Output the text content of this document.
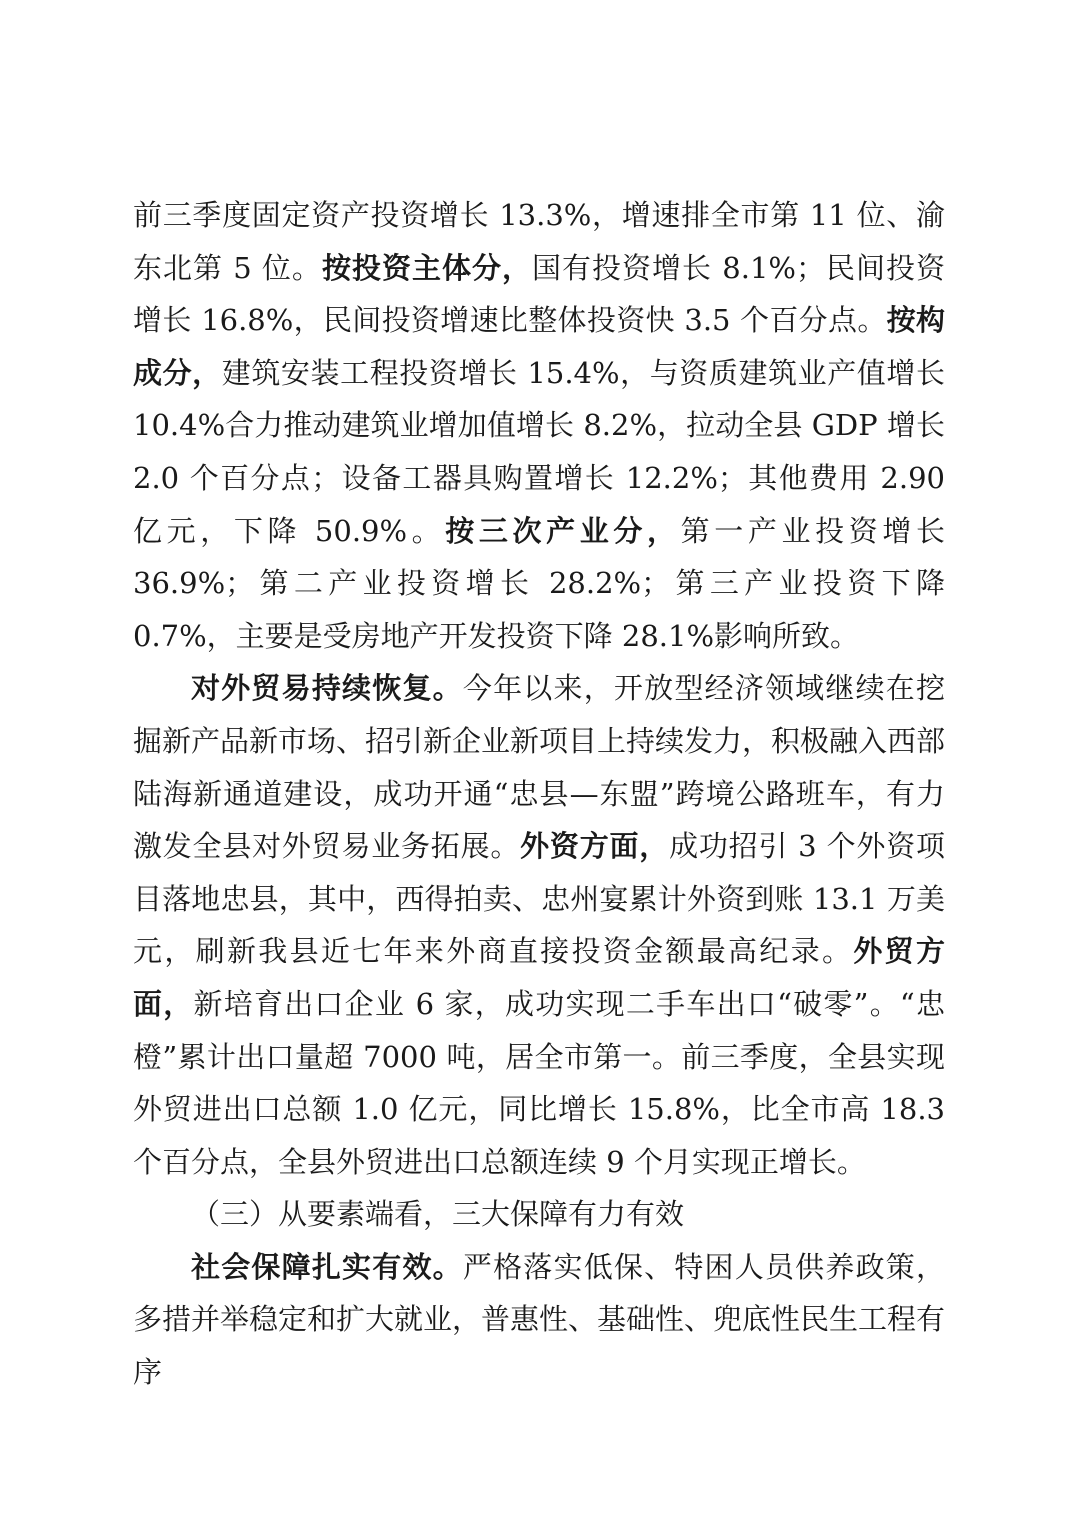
前三季度固定资产投资增长 13.3%，增速排全市第 11 位、渝东北第 5 位。按投资主体分，国有投资增长 8.1%；民间投资增长 16.8%，民间投资增速比整体投资快 3.5 个百分点。按构成分，建筑安装工程投资增长 15.4%，与资质建筑业产值增长 10.4%合力推动建筑业增加值增长 8.2%，拉动全县 GDP 增长 2.0 个百分点；设备工器具购置增长 12.2%；其他费用 2.90 亿元，下降 50.9%。按三次产业分，第一产业投资增长 36.9%；第二产业投资增长 28.2%；第三产业投资下降 0.7%，主要是受房地产开发投资下降 28.1%影响所致。

对外贸易持续恢复。今年以来，开放型经济领域继续在挖掘新产品新市场、招引新企业新项目上持续发力，积极融入西部陆海新通道建设，成功开通“忠县—东盟”跨境公路班车，有力激发全县对外贸易业务拓展。外资方面，成功招引 3 个外资项目落地忠县，其中，西得拍卖、忠州宴累计外资到账 13.1 万美元，刷新我县近七年来外商直接投资金额最高纪录。外贸方面，新培育出口企业 6 家，成功实现二手车出口“破零”。“忠橙”累计出口量超 7000 吨，居全市第一。前三季度，全县实现外贸进出口总额 1.0 亿元，同比增长 15.8%，比全市高 18.3 个百分点，全县外贸进出口总额连续 9 个月实现正增长。

（三）从要素端看，三大保障有力有效

社会保障扎实有效。严格落实低保、特困人员供养政策，多措并举稳定和扩大就业，普惠性、基础性、兜底性民生工程有序
